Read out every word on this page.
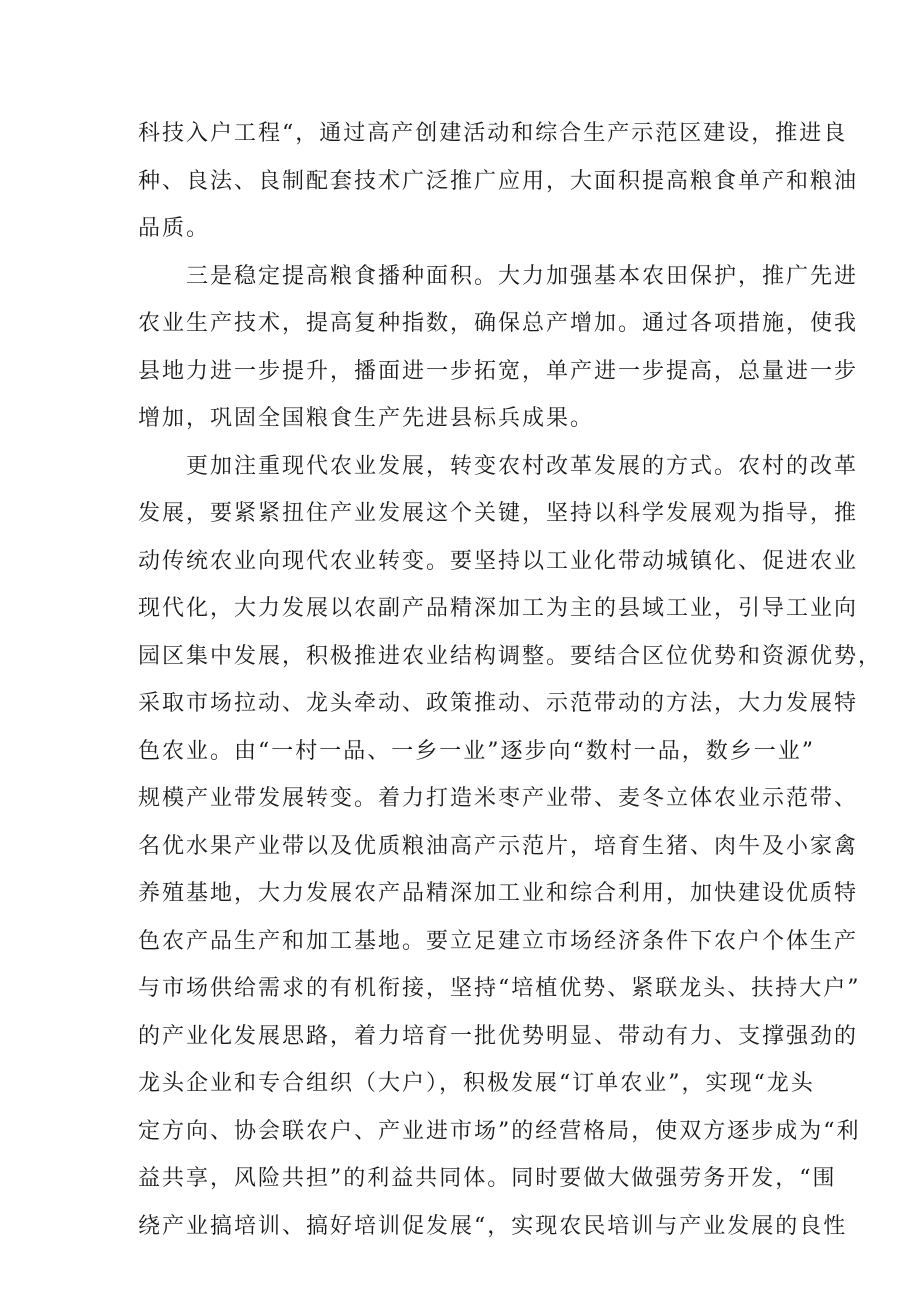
科技入户工程“，通过高产创建活动和综合生产示范区建设，推进良
种、良法、良制配套技术广泛推广应用，大面积提高粮食单产和粮油
品质。
三是稳定提高粮食播种面积。大力加强基本农田保护，推广先进
农业生产技术，提高复种指数，确保总产增加。通过各项措施，使我
县地力进一步提升，播面进一步拓宽，单产进一步提高，总量进一步
增加，巩固全国粮食生产先进县标兵成果。
更加注重现代农业发展，转变农村改革发展的方式。农村的改革
发展，要紧紧扭住产业发展这个关键，坚持以科学发展观为指导，推
动传统农业向现代农业转变。要坚持以工业化带动城镇化、促进农业
现代化，大力发展以农副产品精深加工为主的县域工业，引导工业向
园区集中发展，积极推进农业结构调整。要结合区位优势和资源优势，
采取市场拉动、龙头牵动、政策推动、示范带动的方法，大力发展特
色农业。由“一村一品、一乡一业”逐步向“数村一品，数乡一业”
规模产业带发展转变。着力打造米枣产业带、麦冬立体农业示范带、
名优水果产业带以及优质粮油高产示范片，培育生猪、肉牛及小家禽
养殖基地，大力发展农产品精深加工业和综合利用，加快建设优质特
色农产品生产和加工基地。要立足建立市场经济条件下农户个体生产
与市场供给需求的有机衔接，坚持“培植优势、紧联龙头、扶持大户”
的产业化发展思路，着力培育一批优势明显、带动有力、支撑强劲的
龙头企业和专合组织（大户），积极发展“订单农业”，实现“龙头
定方向、协会联农户、产业进市场”的经营格局，使双方逐步成为“利
益共享，风险共担”的利益共同体。同时要做大做强劳务开发，“围
绕产业搞培训、搞好培训促发展“，实现农民培训与产业发展的良性
